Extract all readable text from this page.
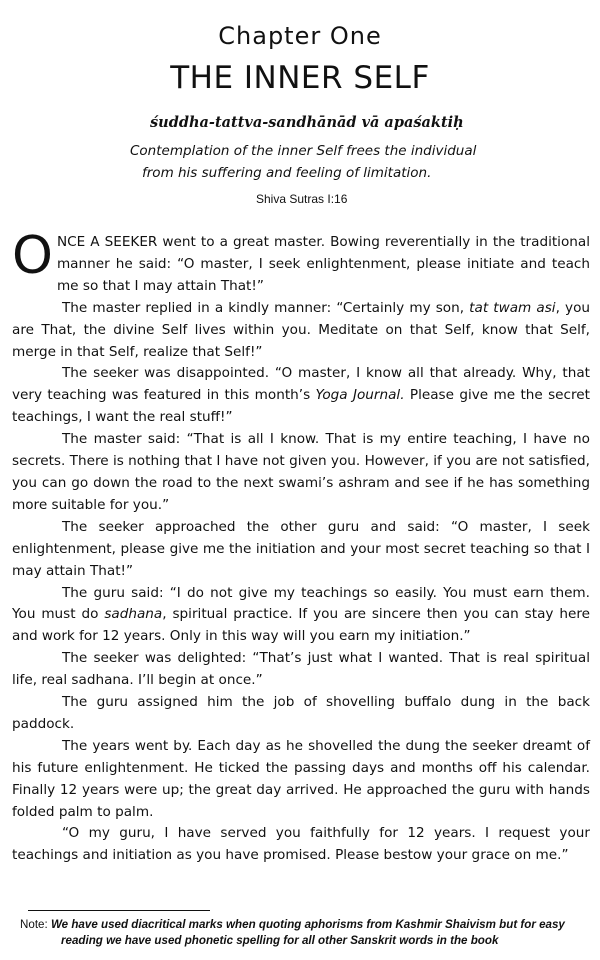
Chapter One
THE INNER SELF
śuddha-tattva-sandhānād vā apaśaktiḥ
Contemplation of the inner Self frees the individual
from his suffering and feeling of limitation.
Shiva Sutras I:16

ONCE A SEEKER went to a great master. Bowing reverentially in the traditional manner he said: “O master, I seek enlightenment, please initiate and teach me so that I may attain That!”

The master replied in a kindly manner: “Certainly my son, tat twam asi, you are That, the divine Self lives within you. Meditate on that Self, know that Self, merge in that Self, realize that Self!”

The seeker was disappointed. “O master, I know all that already. Why, that very teaching was featured in this month’s Yoga Journal. Please give me the secret teachings, I want the real stuff!”

The master said: “That is all I know. That is my entire teaching, I have no secrets. There is nothing that I have not given you. However, if you are not satisfied, you can go down the road to the next swami’s ashram and see if he has something more suitable for you.”

The seeker approached the other guru and said: “O master, I seek enlightenment, please give me the initiation and your most secret teaching so that I may attain That!”

The guru said: “I do not give my teachings so easily. You must earn them. You must do sadhana, spiritual practice. If you are sincere then you can stay here and work for 12 years. Only in this way will you earn my initiation.”

The seeker was delighted: “That’s just what I wanted. That is real spiritual life, real sadhana. I’ll begin at once.”

The guru assigned him the job of shovelling buffalo dung in the back paddock.

The years went by. Each day as he shovelled the dung the seeker dreamt of his future enlightenment. He ticked the passing days and months off his calendar. Finally 12 years were up; the great day arrived. He approached the guru with hands folded palm to palm.

“O my guru, I have served you faithfully for 12 years. I request your teachings and initiation as you have promised. Please bestow your grace on me.”

Note: We have used diacritical marks when quoting aphorisms from Kashmir Shaivism but for easy
reading we have used phonetic spelling for all other Sanskrit words in the book
